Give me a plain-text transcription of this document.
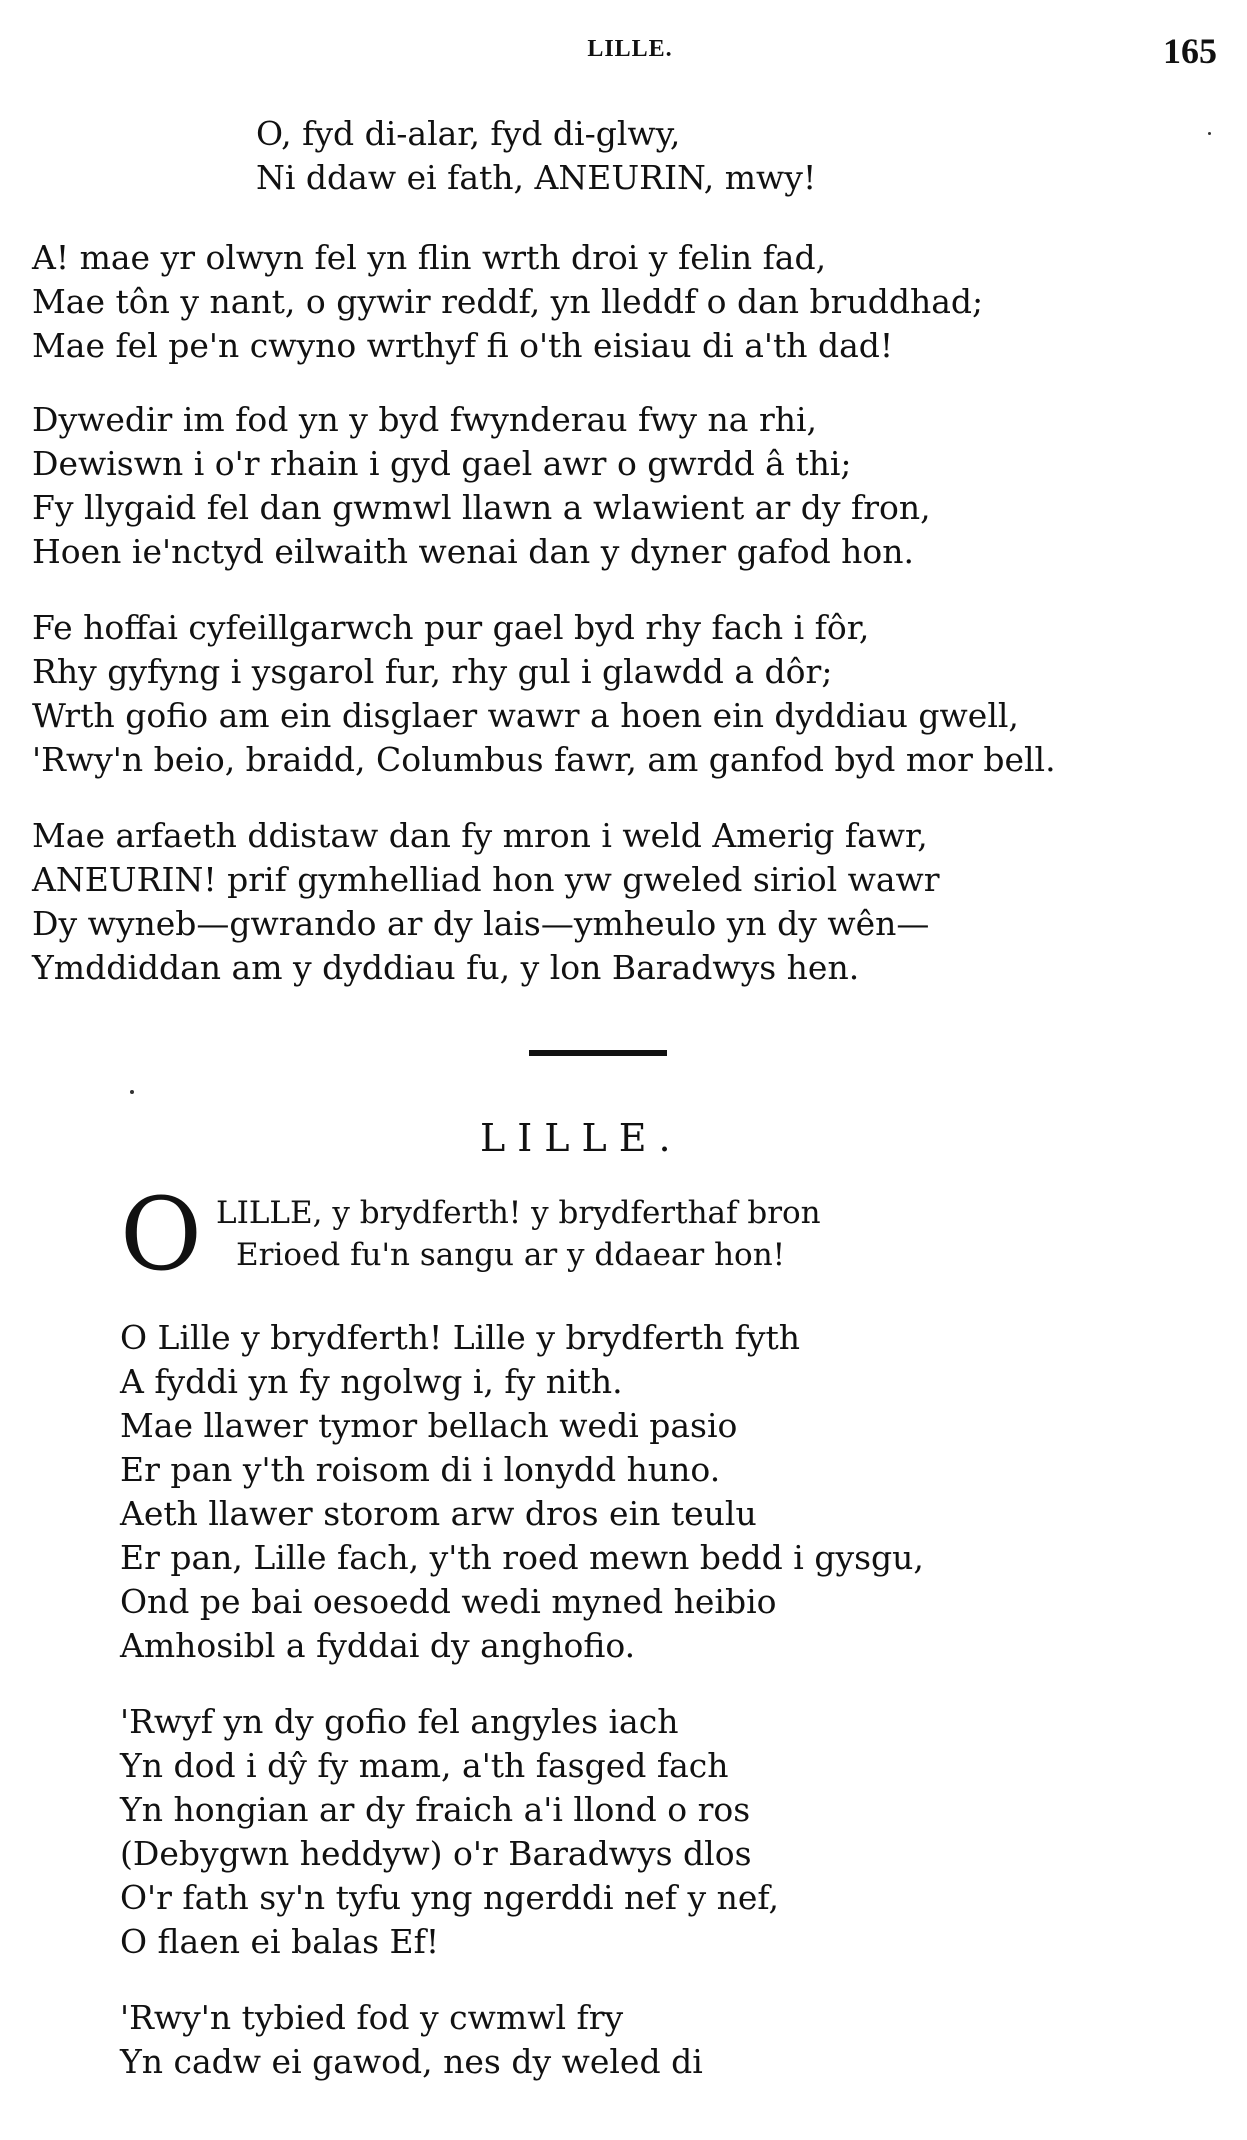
LILLE.	165
O, fyd di-alar, fyd di-glwy,
Ni ddaw ei fath, ANEURIN, mwy!
A! mae yr olwyn fel yn flin wrth droi y felin fad,
Mae tôn y nant, o gywir reddf, yn lleddf o dan bruddhad;
Mae fel pe'n cwyno wrthyf fi o'th eisiau di a'th dad!
Dywedir im fod yn y byd fwynderau fwy na rhi,
Dewiswn i o'r rhain i gyd gael awr o gwrdd â thi;
Fy llygaid fel dan gwmwl llawn a wlawient ar dy fron,
Hoen ie'nctyd eilwaith wenai dan y dyner gafod hon.
Fe hoffai cyfeillgarwch pur gael byd rhy fach i fôr,
Rhy gyfyng i ysgarol fur, rhy gul i glawdd a dôr;
Wrth gofio am ein disglaer wawr a hoen ein dyddiau gwell,
'Rwy'n beio, braidd, Columbus fawr, am ganfod byd mor bell.
Mae arfaeth ddistaw dan fy mron i weld Amerig fawr,
ANEURIN! prif gymhelliad hon yw gweled siriol wawr
Dy wyneb—gwrando ar dy lais—ymheulo yn dy wên—
Ymddiddan am y dyddiau fu, y lon Baradwys hen.
LILLE.
O LILLE, y brydferth! y brydferthaf bron
Erioed fu'n sangu ar y ddaear hon!
O Lille y brydferth! Lille y brydferth fyth
A fyddi yn fy ngolwg i, fy nith.
Mae llawer tymor bellach wedi pasio
Er pan y'th roisom di i lonydd huno.
Aeth llawer storom arw dros ein teulu
Er pan, Lille fach, y'th roed mewn bedd i gysgu,
Ond pe bai oesoedd wedi myned heibio
Amhosibl a fyddai dy anghofio.
'Rwyf yn dy gofio fel angyles iach
Yn dod i dŷ fy mam, a'th fasged fach
Yn hongian ar dy fraich a'i llond o ros
(Debygwn heddyw) o'r Baradwys dlos
O'r fath sy'n tyfu yng ngerddi nef y nef,
O flaen ei balas Ef!
'Rwy'n tybied fod y cwmwl fry
Yn cadw ei gawod, nes dy weled di
